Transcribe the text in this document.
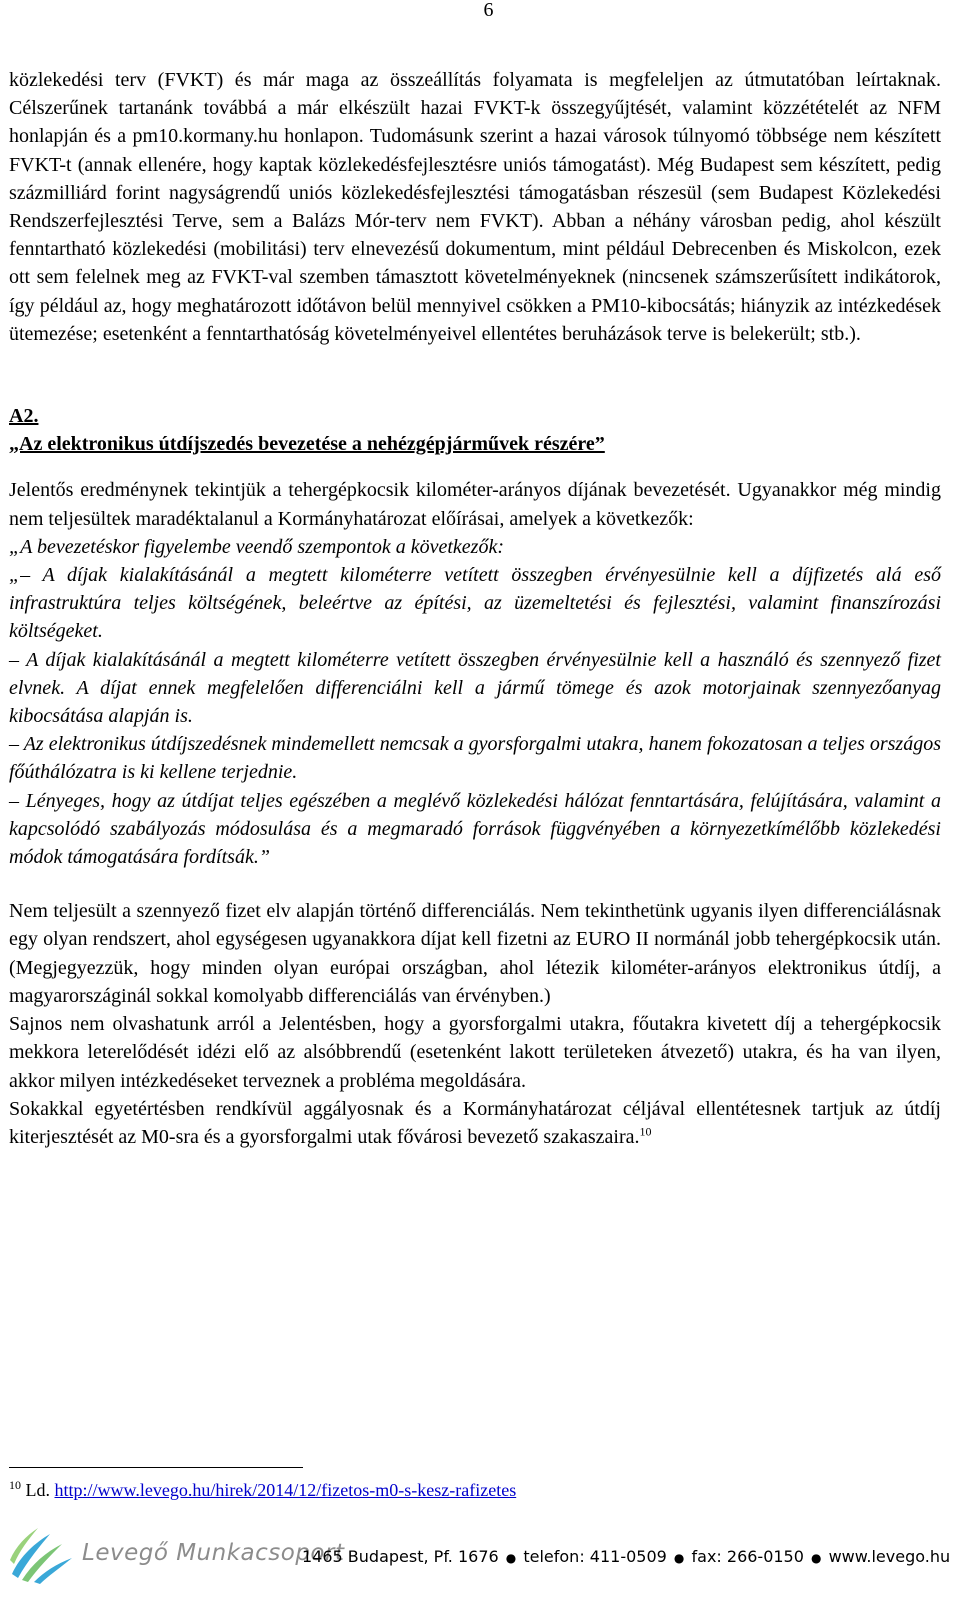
6

közlekedési terv (FVKT) és már maga az összeállítás folyamata is megfeleljen az útmutatóban leírtaknak. Célszerűnek tartanánk továbbá a már elkészült hazai FVKT-k összegyűjtését, valamint közzétételét az NFM honlapján és a pm10.kormany.hu honlapon. Tudomásunk szerint a hazai városok túlnyomó többsége nem készített FVKT-t (annak ellenére, hogy kaptak közlekedésfejlesztésre uniós támogatást). Még Budapest sem készített, pedig százmilliárd forint nagyságrendű uniós közlekedésfejlesztési támogatásban részesül (sem Budapest Közlekedési Rendszerfejlesztési Terve, sem a Balázs Mór-terv nem FVKT). Abban a néhány városban pedig, ahol készült fenntartható közlekedési (mobilitási) terv elnevezésű dokumentum, mint például Debrecenben és Miskolcon, ezek ott sem felelnek meg az FVKT-val szemben támasztott követelményeknek (nincsenek számszerűsített indikátorok, így például az, hogy meghatározott időtávon belül mennyivel csökken a PM10-kibocsátás; hiányzik az intézkedések ütemezése; esetenként a fenntarthatóság követelményeivel ellentétes beruházások terve is belekerült; stb.).

A2.

„Az elektronikus útdíjszedés bevezetése a nehézgépjárművek részére”

Jelentős eredménynek tekintjük a tehergépkocsik kilométer-arányos díjának bevezetését. Ugyanakkor még mindig nem teljesültek maradéktalanul a Kormányhatározat előírásai, amelyek a következők:

„A bevezetéskor figyelembe veendő szempontok a következők:

„– A díjak kialakításánál a megtett kilométerre vetített összegben érvényesülnie kell a díjfizetés alá eső infrastruktúra teljes költségének, beleértve az építési, az üzemeltetési és fejlesztési, valamint finanszírozási költségeket.

– A díjak kialakításánál a megtett kilométerre vetített összegben érvényesülnie kell a használó és szennyező fizet elvnek. A díjat ennek megfelelően differenciálni kell a jármű tömege és azok motorjainak szennyezőanyag kibocsátása alapján is.

– Az elektronikus útdíjszedésnek mindemellett nemcsak a gyorsforgalmi utakra, hanem fokozatosan a teljes országos főúthálózatra is ki kellene terjednie.

– Lényeges, hogy az útdíjat teljes egészében a meglévő közlekedési hálózat fenntartására, felújítására, valamint a kapcsolódó szabályozás módosulása és a megmaradó források függvényében a környezetkímélőbb közlekedési módok támogatására fordítsák.”

Nem teljesült a szennyező fizet elv alapján történő differenciálás. Nem tekinthetünk ugyanis ilyen differenciálásnak egy olyan rendszert, ahol egységesen ugyanakkora díjat kell fizetni az EURO II normánál jobb tehergépkocsik után. (Megjegyezzük, hogy minden olyan európai országban, ahol létezik kilométer-arányos elektronikus útdíj, a magyarországinál sokkal komolyabb differenciálás van érvényben.)

Sajnos nem olvashatunk arról a Jelentésben, hogy a gyorsforgalmi utakra, főutakra kivetett díj a tehergépkocsik mekkora leterelődését idézi elő az alsóbbrendű (esetenként lakott területeken átvezető) utakra, és ha van ilyen, akkor milyen intézkedéseket terveznek a probléma megoldására.

Sokakkal egyetértésben rendkívül aggályosnak és a Kormányhatározat céljával ellentétesnek tartjuk az útdíj kiterjesztését az M0-sra és a gyorsforgalmi utak fővárosi bevezető szakaszaira.$^{10}$

$^{10}$ Ld. http://www.levego.hu/hirek/2014/12/fizetos-m0-s-kesz-rafizetes
Levegő Munkacsoport
1465 Budapest, Pf. 1676 ● telefon: 411-0509 ● fax: 266-0150 ● www.levego.hu
